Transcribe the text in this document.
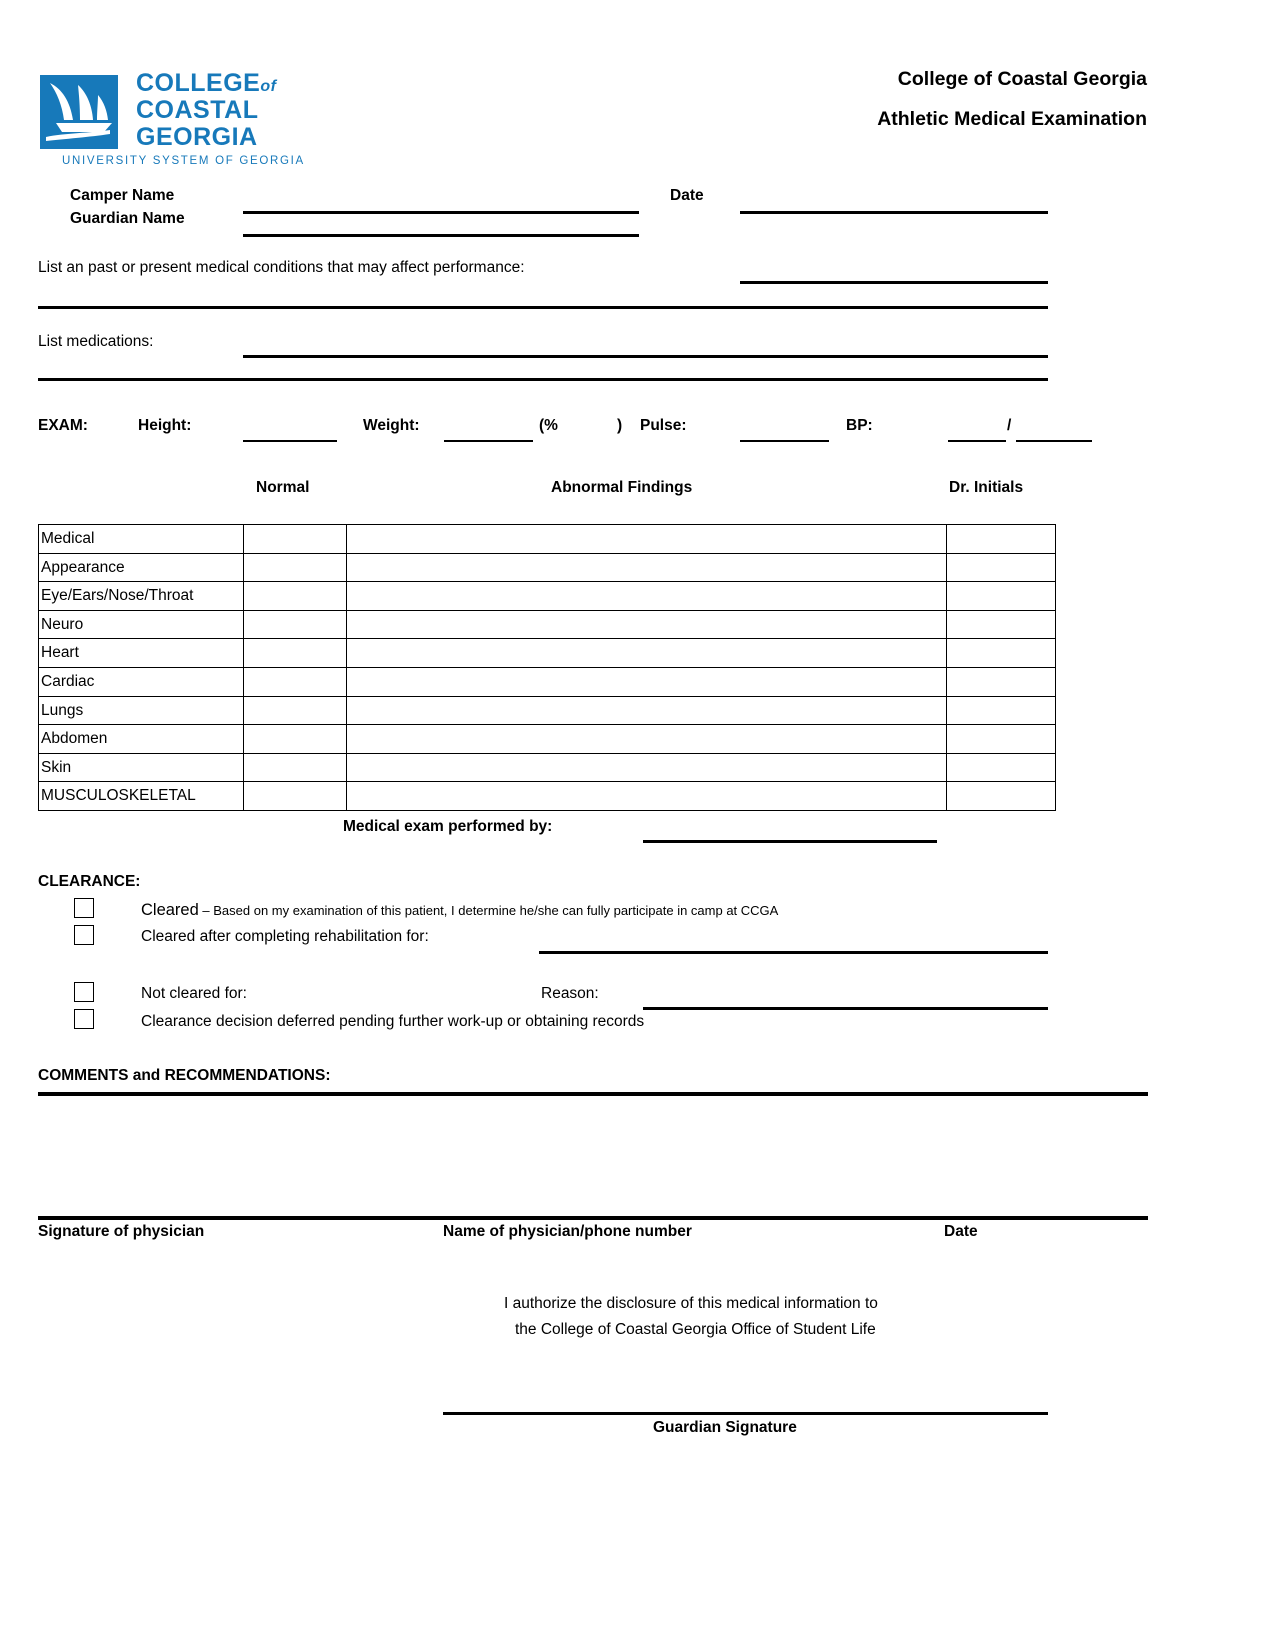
COLLEGEof
COASTAL
GEORGIA
UNIVERSITY SYSTEM OF GEORGIA
College of Coastal Georgia
Athletic Medical Examination
Camper Name
Guardian Name
Date
List an past or present medical conditions that may affect performance:
List medications:
EXAM:	Height:	Weight:	(%	) Pulse:	BP:	/
Normal	Abnormal Findings	Dr. Initials
Medical			
Appearance			
Eye/Ears/Nose/Throat			
Neuro			
Heart			
Cardiac			
Lungs			
Abdomen			
Skin			
MUSCULOSKELETAL			
Medical exam performed by:
CLEARANCE:
Cleared – Based on my examination of this patient, I determine he/she can fully participate in camp at CCGA
Cleared after completing rehabilitation for:
Not cleared for:	Reason:
Clearance decision deferred pending further work-up or obtaining records
COMMENTS and RECOMMENDATIONS:
Signature of physician	Name of physician/phone number	Date
I authorize the disclosure of this medical information to
the College of Coastal Georgia Office of Student Life
Guardian Signature
